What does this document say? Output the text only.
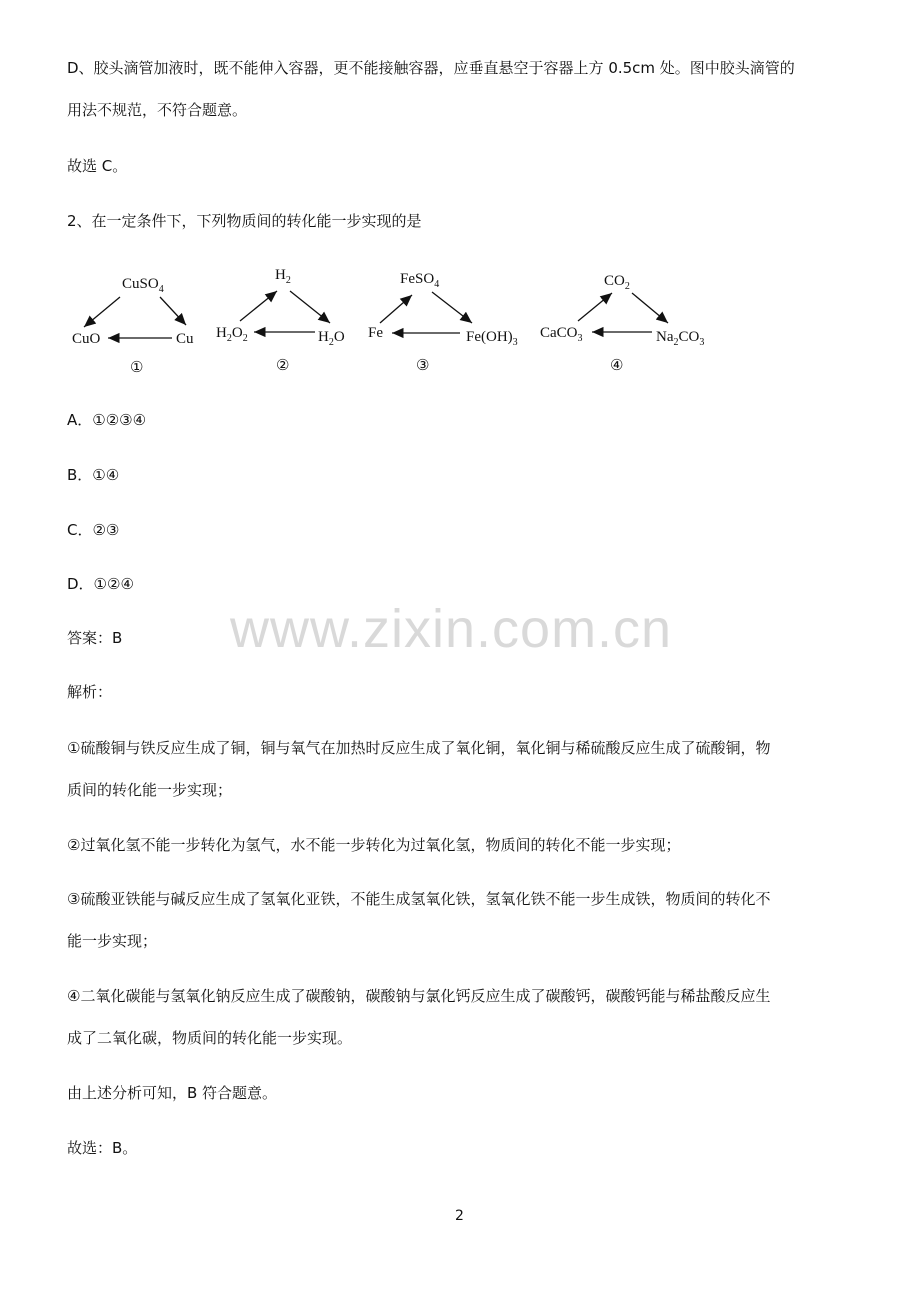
D、胶头滴管加液时，既不能伸入容器，更不能接触容器，应垂直悬空于容器上方 0.5cm 处。图中胶头滴管的
用法不规范，不符合题意。
故选 C。
2、在一定条件下，下列物质间的转化能一步实现的是
CuSO$_4$
CuO	Cu
①
$H_2$
$H_2O_2$	$H_2O$
②
FeSO$_4$
Fe	$Fe(OH)_3$
③
$CO_2$
CaCO$_3$	$Na_2CO_3$
④
A．①②③④
B．①④
C．②③
D．①②④
www.zixin.com.cn
答案：B
解析：
①硫酸铜与铁反应生成了铜，铜与氧气在加热时反应生成了氧化铜，氧化铜与稀硫酸反应生成了硫酸铜，物
质间的转化能一步实现；
②过氧化氢不能一步转化为氢气，水不能一步转化为过氧化氢，物质间的转化不能一步实现；
③硫酸亚铁能与碱反应生成了氢氧化亚铁，不能生成氢氧化铁，氢氧化铁不能一步生成铁，物质间的转化不
能一步实现；
④二氧化碳能与氢氧化钠反应生成了碳酸钠，碳酸钠与氯化钙反应生成了碳酸钙，碳酸钙能与稀盐酸反应生
成了二氧化碳，物质间的转化能一步实现。
由上述分析可知，B 符合题意。
故选：B。
2
